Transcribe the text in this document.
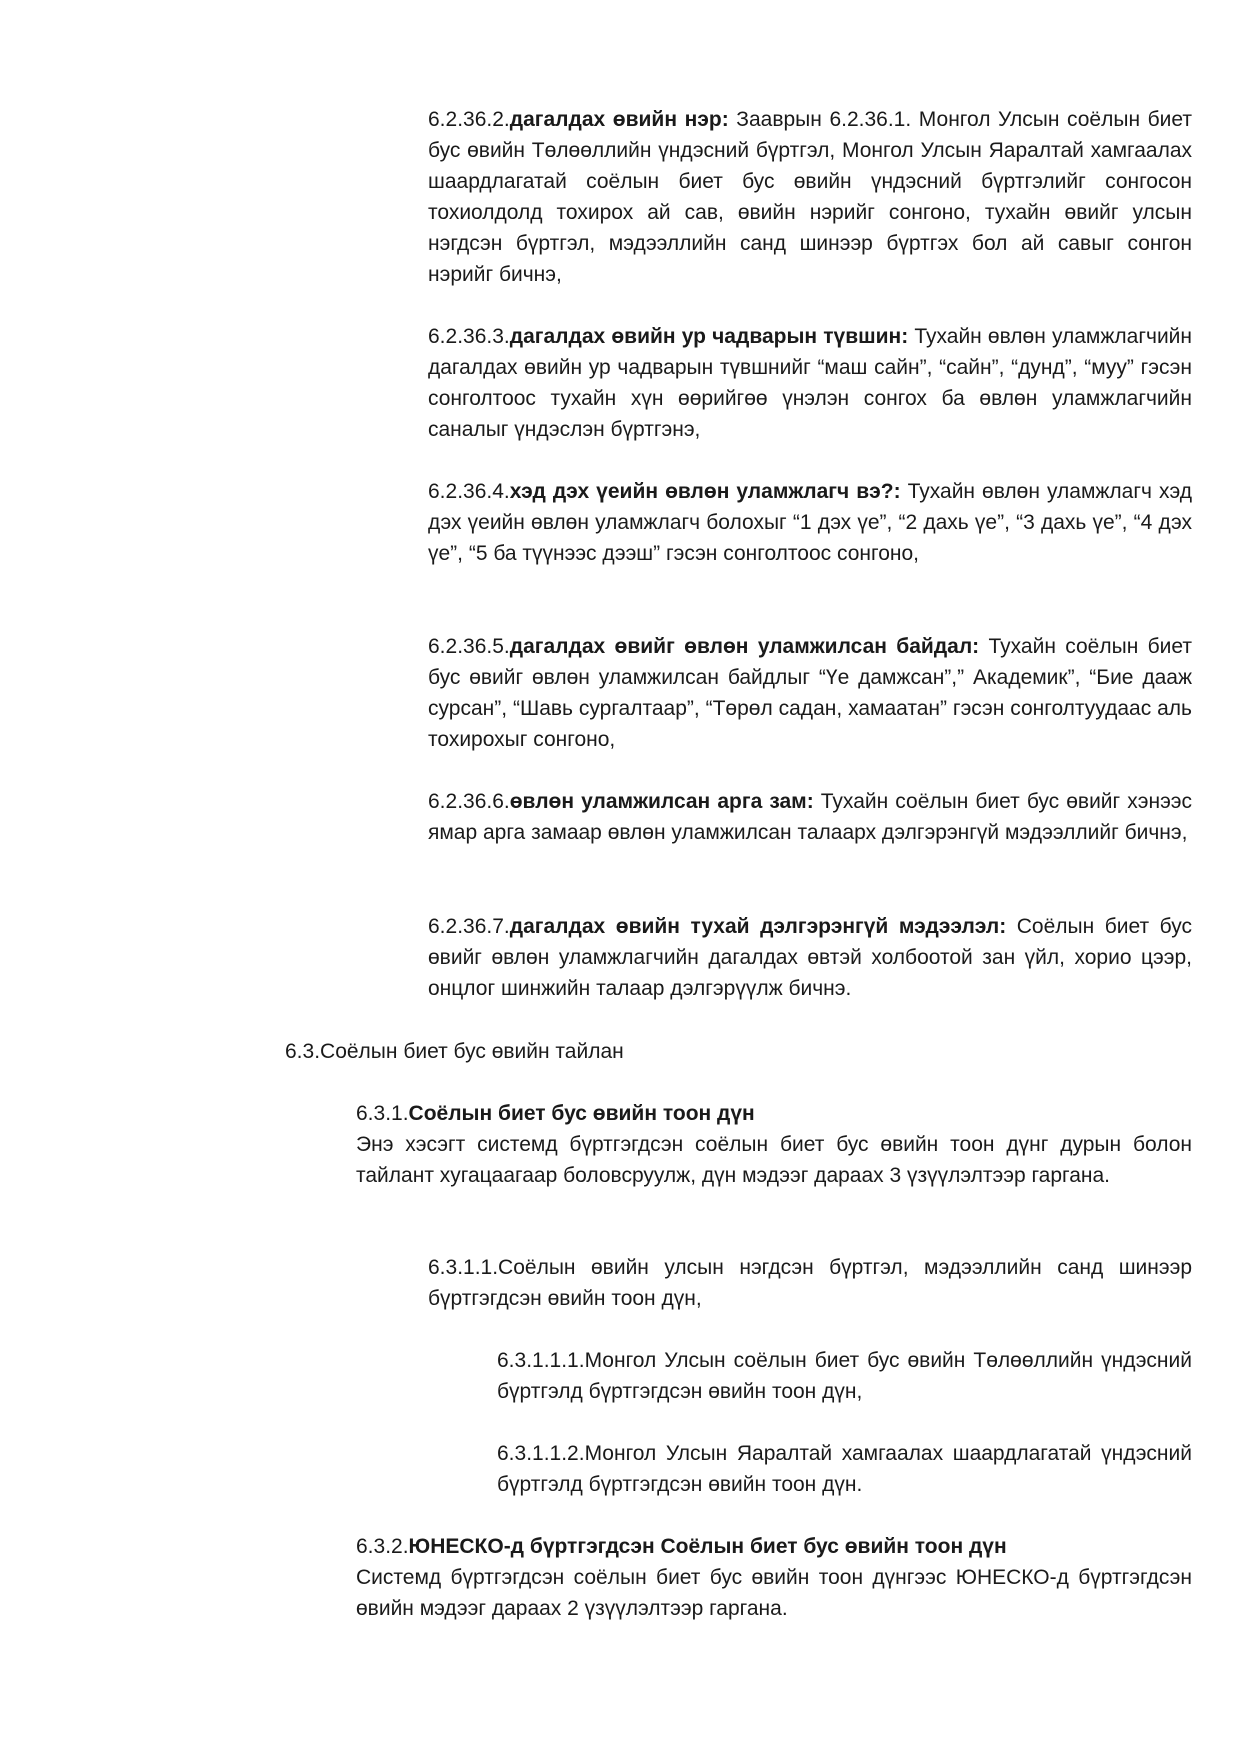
6.2.36.2.дагалдах өвийн нэр: Зааврын 6.2.36.1. Монгол Улсын соёлын биет бус өвийн Төлөөллийн үндэсний бүртгэл, Монгол Улсын Яаралтай хамгаалах шаардлагатай соёлын биет бус өвийн үндэсний бүртгэлийг сонгосон тохиолдолд тохирох ай сав, өвийн нэрийг сонгоно, тухайн өвийг улсын нэгдсэн бүртгэл, мэдээллийн санд шинээр бүртгэх бол ай савыг сонгон нэрийг бичнэ,

6.2.36.3.дагалдах өвийн ур чадварын түвшин: Тухайн өвлөн уламжлагчийн дагалдах өвийн ур чадварын түвшнийг “маш сайн”, “сайн”, “дунд”, “муу” гэсэн сонголтоос тухайн хүн өөрийгөө үнэлэн сонгох ба өвлөн уламжлагчийн саналыг үндэслэн бүртгэнэ,

6.2.36.4.хэд дэх үеийн өвлөн уламжлагч вэ?: Тухайн өвлөн уламжлагч хэд дэх үеийн өвлөн уламжлагч болохыг “1 дэх үе”, “2 дахь үе”, “3 дахь үе”, “4 дэх үе”, “5 ба түүнээс дээш” гэсэн сонголтоос сонгоно,

6.2.36.5.дагалдах өвийг өвлөн уламжилсан байдал: Тухайн соёлын биет бус өвийг өвлөн уламжилсан байдлыг “Үе дамжсан”,” Академик”, “Бие дааж сурсан”, “Шавь сургалтаар”, “Төрөл садан, хамаатан” гэсэн сонголтуудаас аль тохирохыг сонгоно,

6.2.36.6.өвлөн уламжилсан арга зам: Тухайн соёлын биет бус өвийг хэнээс ямар арга замаар өвлөн уламжилсан талаарх дэлгэрэнгүй мэдээллийг бичнэ,

6.2.36.7.дагалдах өвийн тухай дэлгэрэнгүй мэдээлэл: Соёлын биет бус өвийг өвлөн уламжлагчийн дагалдах өвтэй холбоотой зан үйл, хорио цээр, онцлог шинжийн талаар дэлгэрүүлж бичнэ.

6.3.Соёлын биет бус өвийн тайлан

6.3.1.Соёлын биет бус өвийн тоон дүн
Энэ хэсэгт системд бүртгэгдсэн соёлын биет бус өвийн тоон дүнг дурын болон тайлант хугацаагаар боловсруулж, дүн мэдээг дараах 3 үзүүлэлтээр гаргана.

6.3.1.1.Соёлын өвийн улсын нэгдсэн бүртгэл, мэдээллийн санд шинээр бүртгэгдсэн өвийн тоон дүн,

6.3.1.1.1.Монгол Улсын соёлын биет бус өвийн Төлөөллийн үндэсний бүртгэлд бүртгэгдсэн өвийн тоон дүн,

6.3.1.1.2.Монгол Улсын Яаралтай хамгаалах шаардлагатай үндэсний бүртгэлд бүртгэгдсэн өвийн тоон дүн.

6.3.2.ЮНЕСКО-д бүртгэгдсэн Соёлын биет бус өвийн тоон дүн
Системд бүртгэгдсэн соёлын биет бус өвийн тоон дүнгээс ЮНЕСКО-д бүртгэгдсэн өвийн мэдээг дараах 2 үзүүлэлтээр гаргана.
